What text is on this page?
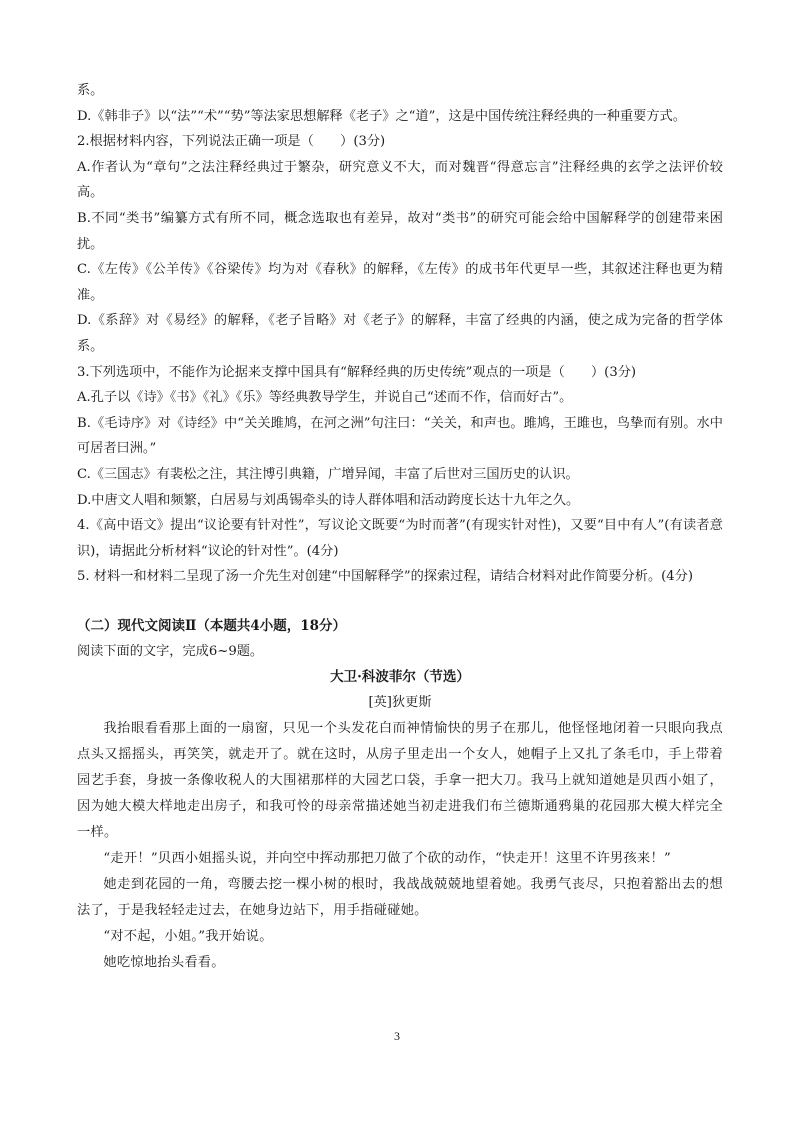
系。

D.《韩非子》以“法”“术”“势”等法家思想解释《老子》之“道”，这是中国传统注释经典的一种重要方式。

2.根据材料内容，下列说法正确一项是（　　）(3分)

A.作者认为“章句”之法注释经典过于繁杂，研究意义不大，而对魏晋“得意忘言”注释经典的玄学之法评价较高。

B.不同“类书”编纂方式有所不同，概念选取也有差异，故对“类书”的研究可能会给中国解释学的创建带来困扰。

C.《左传》《公羊传》《谷梁传》均为对《春秋》的解释，《左传》的成书年代更早一些，其叙述注释也更为精准。

D.《系辞》对《易经》的解释，《老子旨略》对《老子》的解释，丰富了经典的内涵，使之成为完备的哲学体系。

3.下列选项中，不能作为论据来支撑中国具有“解释经典的历史传统”观点的一项是（　　）(3分)

A.孔子以《诗》《书》《礼》《乐》等经典教导学生，并说自己“述而不作，信而好古”。

B.《毛诗序》对《诗经》中“关关雎鸠，在河之洲”句注曰：“关关，和声也。雎鸠，王雎也，鸟挚而有别。水中可居者曰洲。”

C.《三国志》有裴松之注，其注博引典籍，广增异闻，丰富了后世对三国历史的认识。

D.中唐文人唱和频繁，白居易与刘禹锡牵头的诗人群体唱和活动跨度长达十九年之久。

4.《高中语文》提出“议论要有针对性”，写议论文既要“为时而著”(有现实针对性)，又要“目中有人”(有读者意识)，请据此分析材料“议论的针对性”。(4分)

5. 材料一和材料二呈现了汤一介先生对创建“中国解释学”的探索过程，请结合材料对此作简要分析。(4分)

（二）现代文阅读Ⅱ（本题共4小题，18分）

阅读下面的文字，完成6~9题。

大卫·科波菲尔（节选）
[英]狄更斯

我抬眼看看那上面的一扇窗，只见一个头发花白而神情愉快的男子在那儿，他怪怪地闭着一只眼向我点点头又摇摇头，再笑笑，就走开了。就在这时，从房子里走出一个女人，她帽子上又扎了条毛巾，手上带着园艺手套，身披一条像收税人的大围裙那样的大园艺口袋，手拿一把大刀。我马上就知道她是贝西小姐了，因为她大模大样地走出房子，和我可怜的母亲常描述她当初走进我们布兰德斯通鸦巢的花园那大模大样完全一样。

“走开！”贝西小姐摇头说，并向空中挥动那把刀做了个砍的动作，“快走开！这里不许男孩来！”

她走到花园的一角，弯腰去挖一棵小树的根时，我战战兢兢地望着她。我勇气丧尽，只抱着豁出去的想法了，于是我轻轻走过去，在她身边站下，用手指碰碰她。

“对不起，小姐。”我开始说。

她吃惊地抬头看看。

3
